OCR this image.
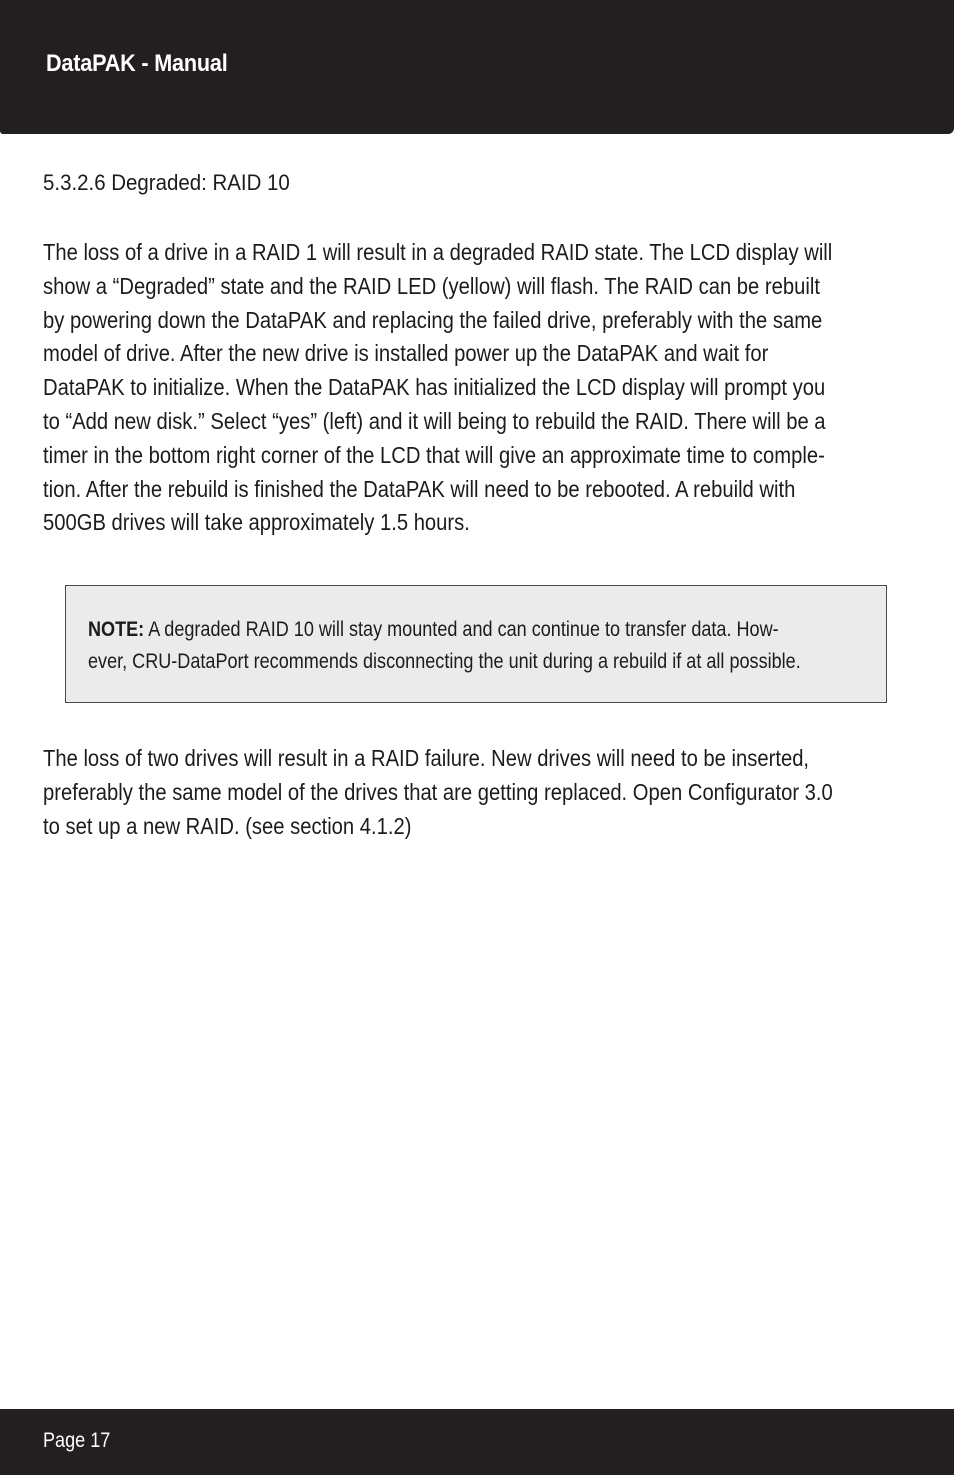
DataPAK - Manual
5.3.2.6 Degraded: RAID 10
The loss of a drive in a RAID 1 will result in a degraded RAID state. The LCD display will
show a “Degraded” state and the RAID LED (yellow) will flash. The RAID can be rebuilt
by powering down the DataPAK and replacing the failed drive, preferably with the same
model of drive. After the new drive is installed power up the DataPAK and wait for
DataPAK to initialize. When the DataPAK has initialized the LCD display will prompt you
to “Add new disk.” Select “yes” (left) and it will being to rebuild the RAID. There will be a
timer in the bottom right corner of the LCD that will give an approximate time to comple-
tion. After the rebuild is finished the DataPAK will need to be rebooted. A rebuild with
500GB drives will take approximately 1.5 hours.
NOTE: A degraded RAID 10 will stay mounted and can continue to transfer data. How-
ever, CRU-DataPort recommends disconnecting the unit during a rebuild if at all possible.
The loss of two drives will result in a RAID failure. New drives will need to be inserted,
preferably the same model of the drives that are getting replaced. Open Configurator 3.0
to set up a new RAID. (see section 4.1.2)
Page 17
